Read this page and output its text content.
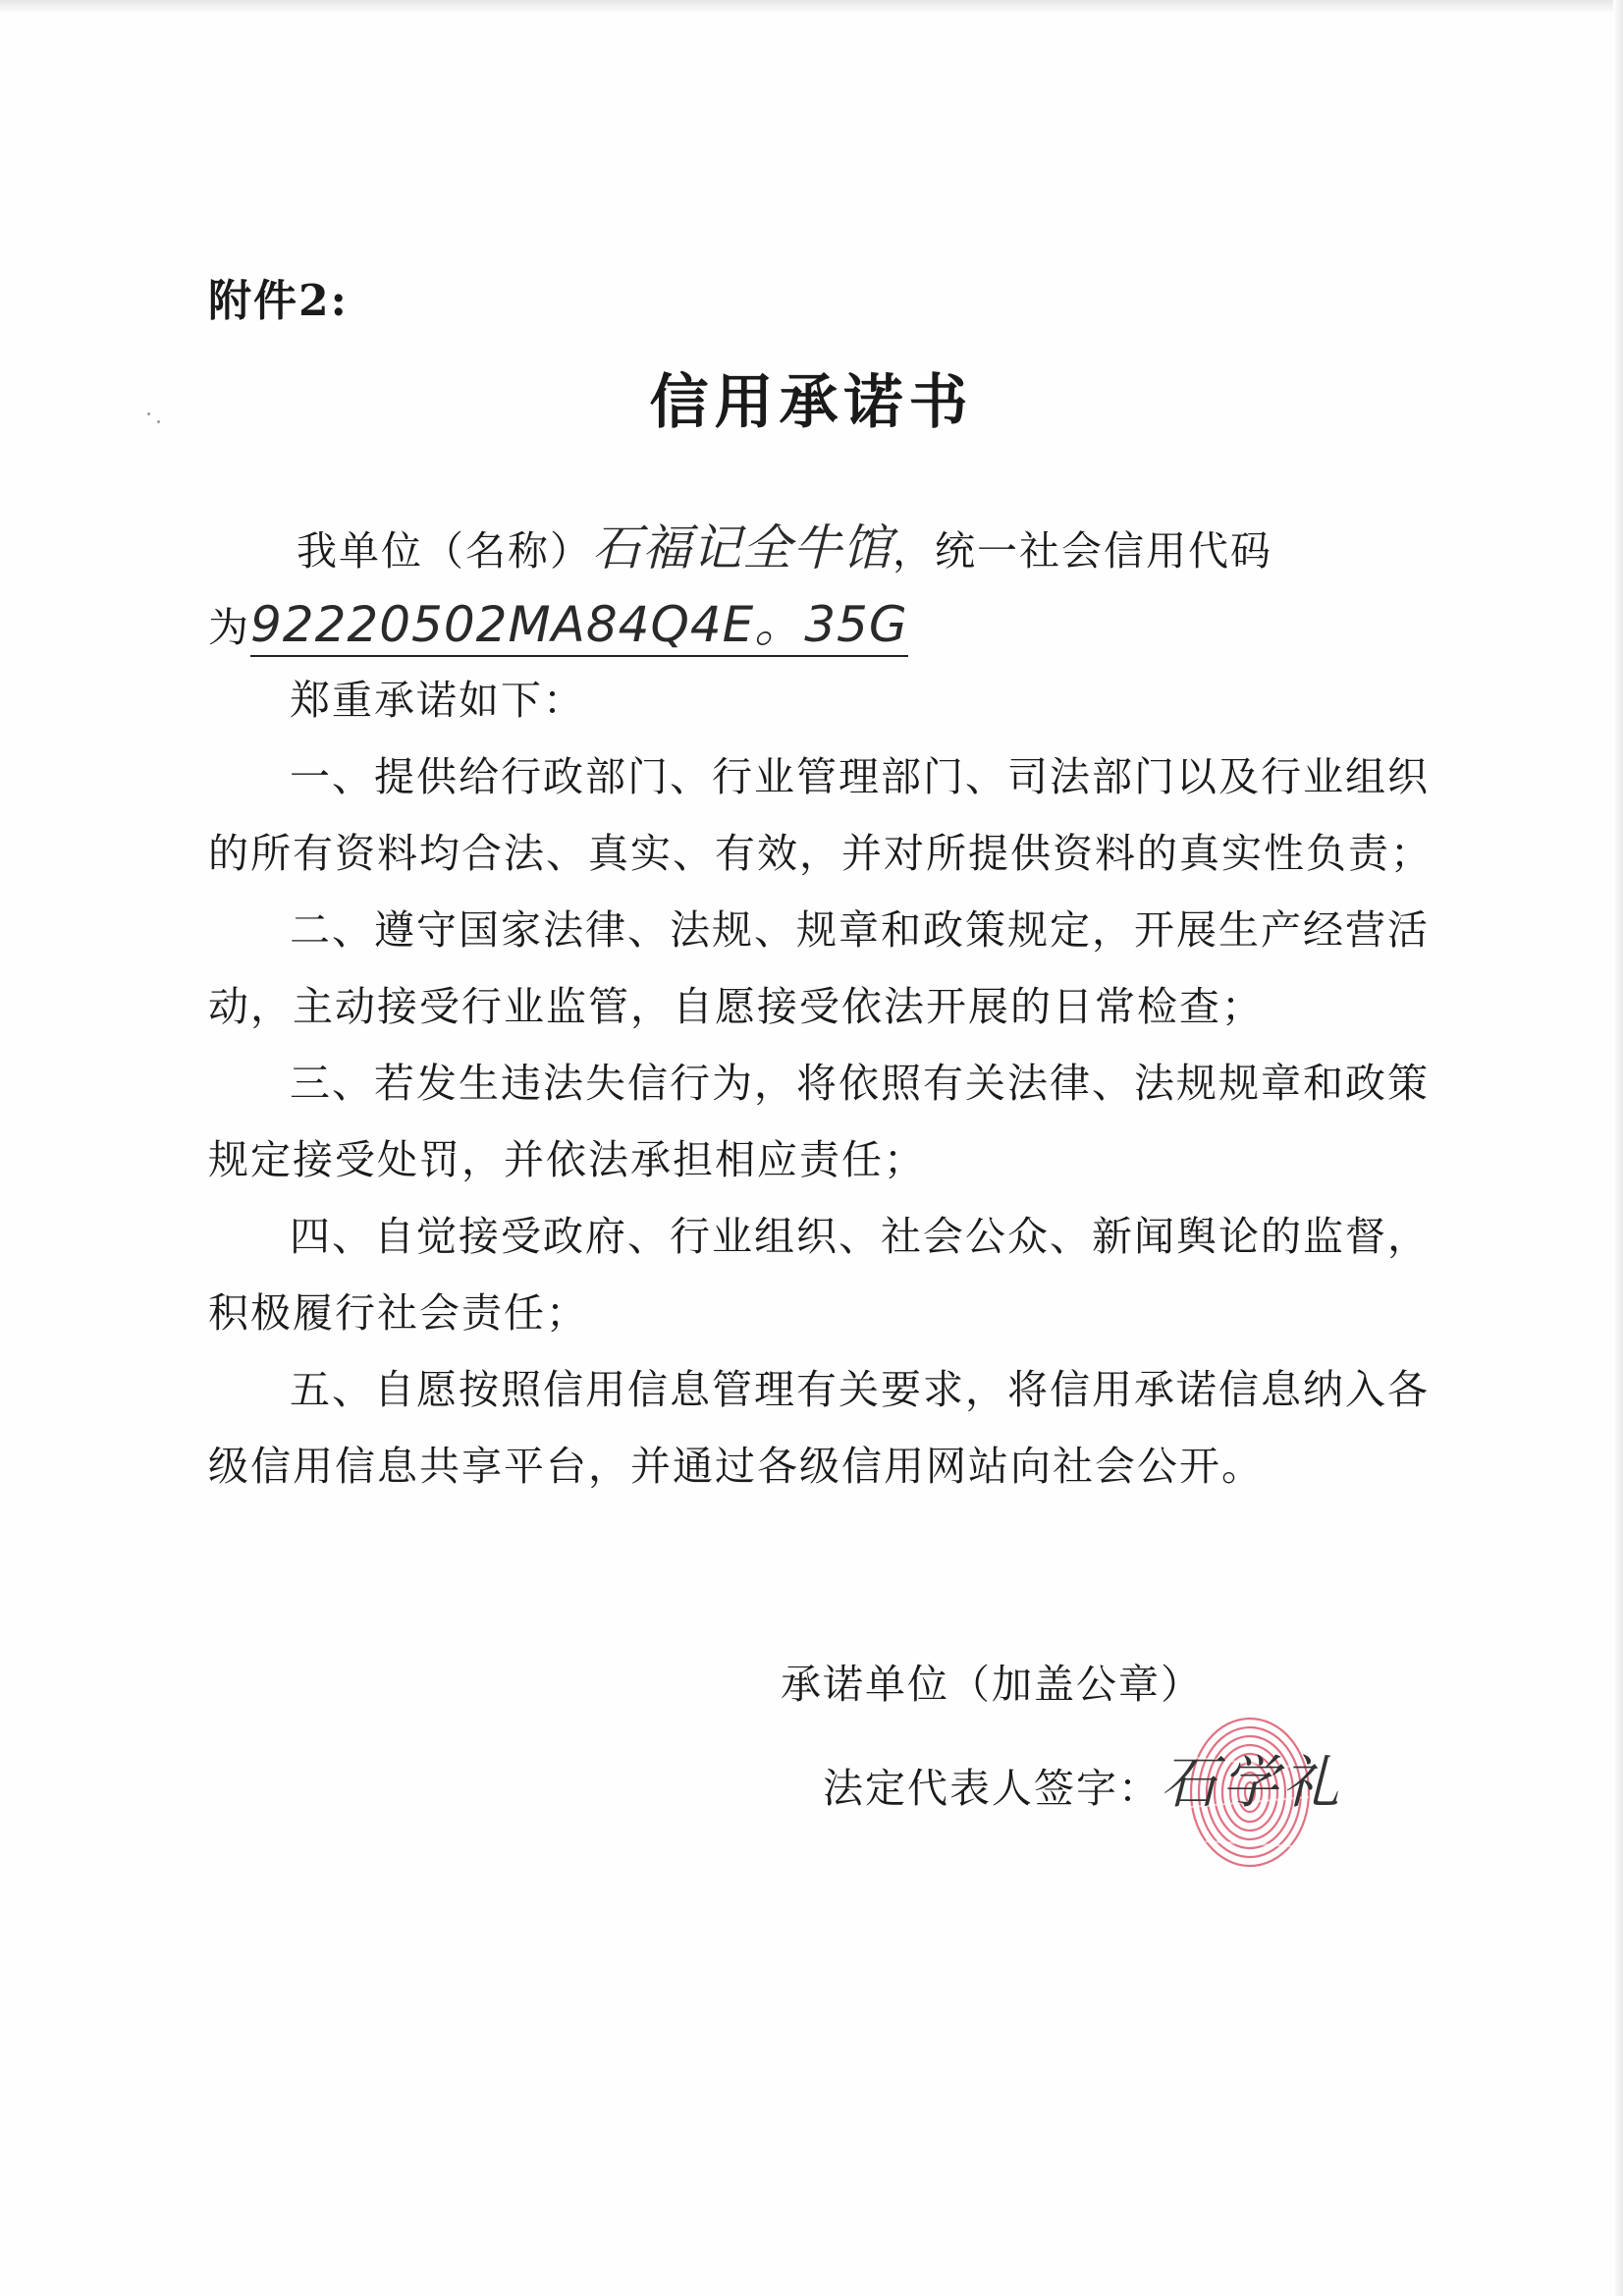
附件2:
信用承诺书
我单位（名称）石福记全牛馆，统一社会信用代码
为92220502MA84Q4E。35G
郑重承诺如下：
一、提供给行政部门、行业管理部门、司法部门以及行业组织
的所有资料均合法、真实、有效，并对所提供资料的真实性负责；
二、遵守国家法律、法规、规章和政策规定，开展生产经营活
动，主动接受行业监管，自愿接受依法开展的日常检查；
三、若发生违法失信行为，将依照有关法律、法规规章和政策
规定接受处罚，并依法承担相应责任；
四、自觉接受政府、行业组织、社会公众、新闻舆论的监督，
积极履行社会责任；
五、自愿按照信用信息管理有关要求，将信用承诺信息纳入各
级信用信息共享平台，并通过各级信用网站向社会公开。
承诺单位（加盖公章）
法定代表人签字：石学礼
